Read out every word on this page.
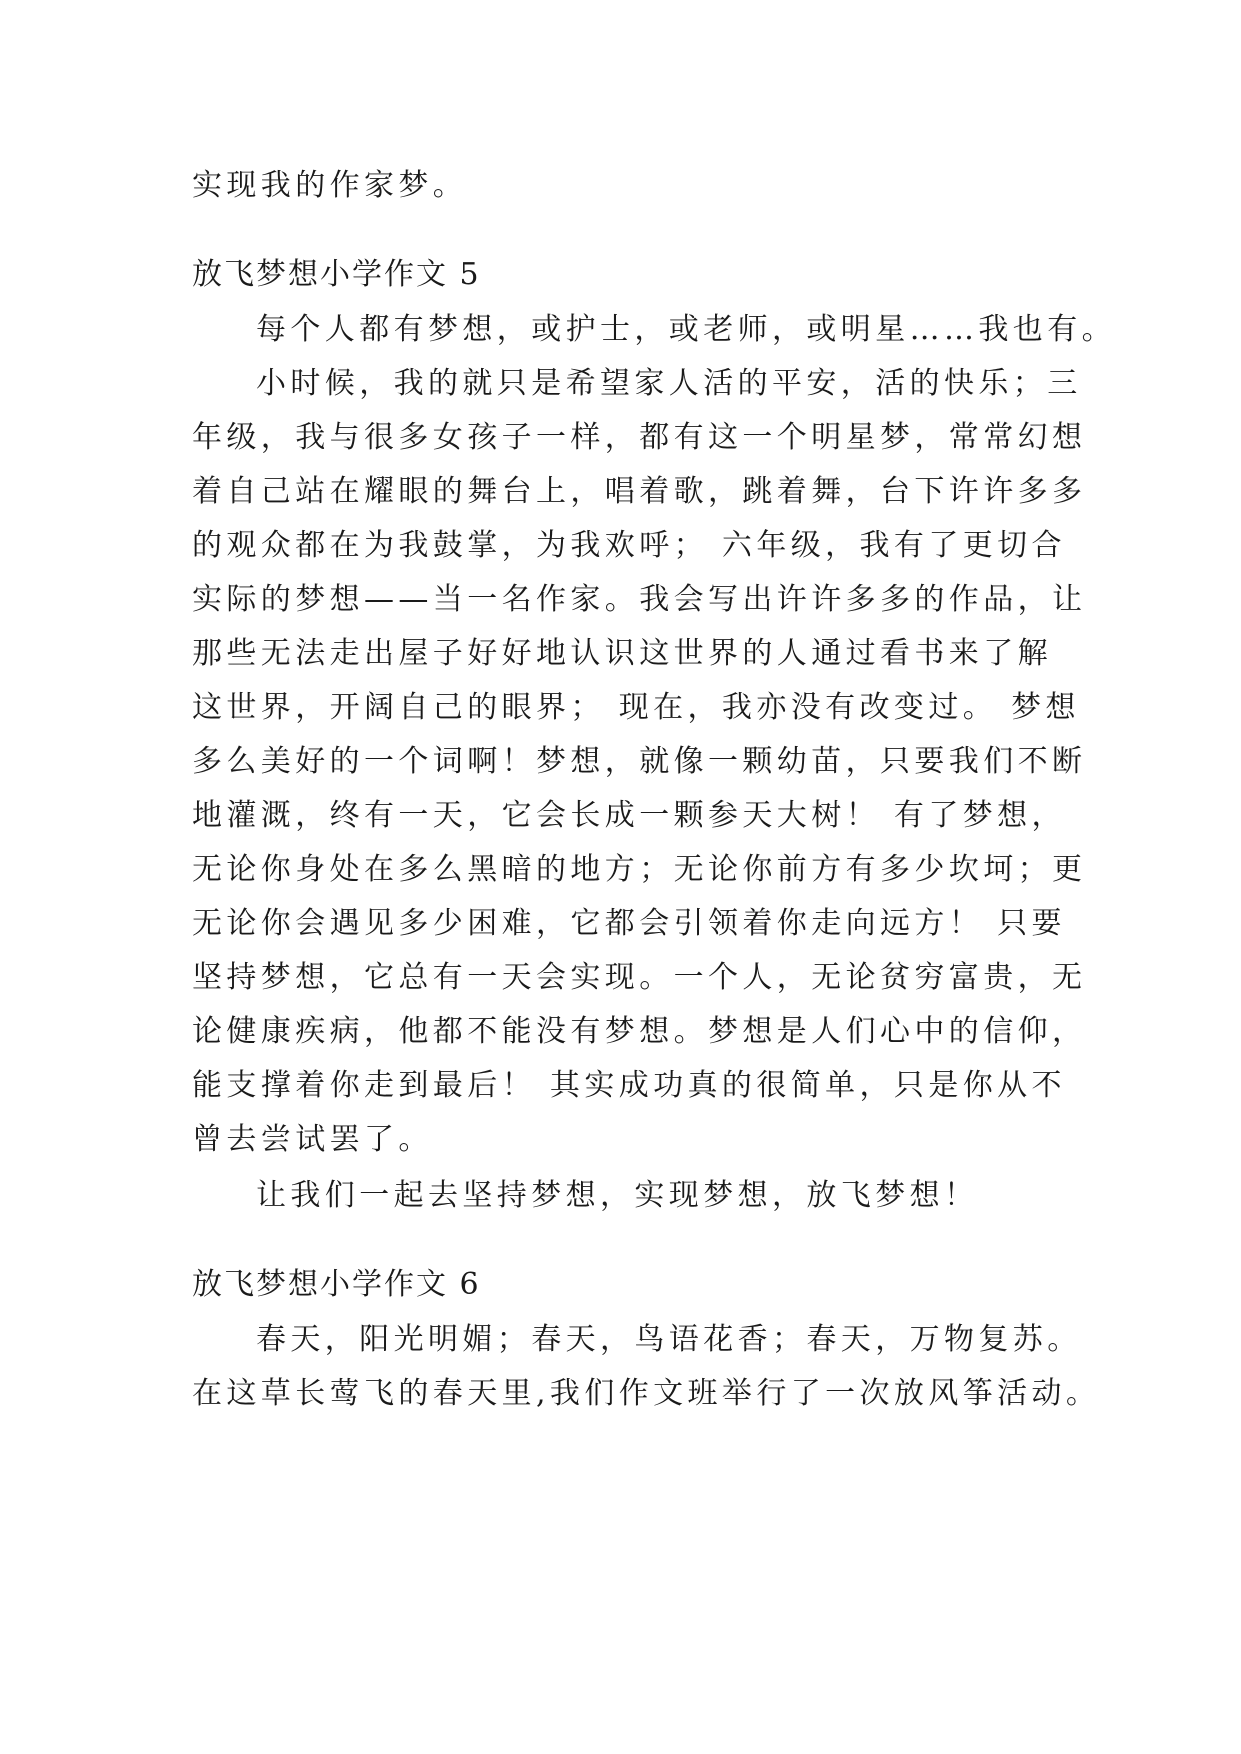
实现我的作家梦。

放飞梦想小学作文 5

每个人都有梦想，或护士，或老师，或明星……我也有。

小时候，我的就只是希望家人活的平安，活的快乐；三

年级，我与很多女孩子一样，都有这一个明星梦，常常幻想

着自己站在耀眼的舞台上，唱着歌，跳着舞，台下许许多多

的观众都在为我鼓掌，为我欢呼； 六年级，我有了更切合

实际的梦想——当一名作家。我会写出许许多多的作品，让

那些无法走出屋子好好地认识这世界的人通过看书来了解

这世界，开阔自己的眼界； 现在，我亦没有改变过。 梦想

多么美好的一个词啊！梦想，就像一颗幼苗，只要我们不断

地灌溉，终有一天，它会长成一颗参天大树！ 有了梦想，

无论你身处在多么黑暗的地方；无论你前方有多少坎坷；更

无论你会遇见多少困难，它都会引领着你走向远方！ 只要

坚持梦想，它总有一天会实现。一个人，无论贫穷富贵，无

论健康疾病，他都不能没有梦想。梦想是人们心中的信仰，

能支撑着你走到最后！ 其实成功真的很简单，只是你从不

曾去尝试罢了。

让我们一起去坚持梦想，实现梦想，放飞梦想！

放飞梦想小学作文 6

春天，阳光明媚；春天，鸟语花香；春天，万物复苏。

在这草长莺飞的春天里,我们作文班举行了一次放风筝活动。
